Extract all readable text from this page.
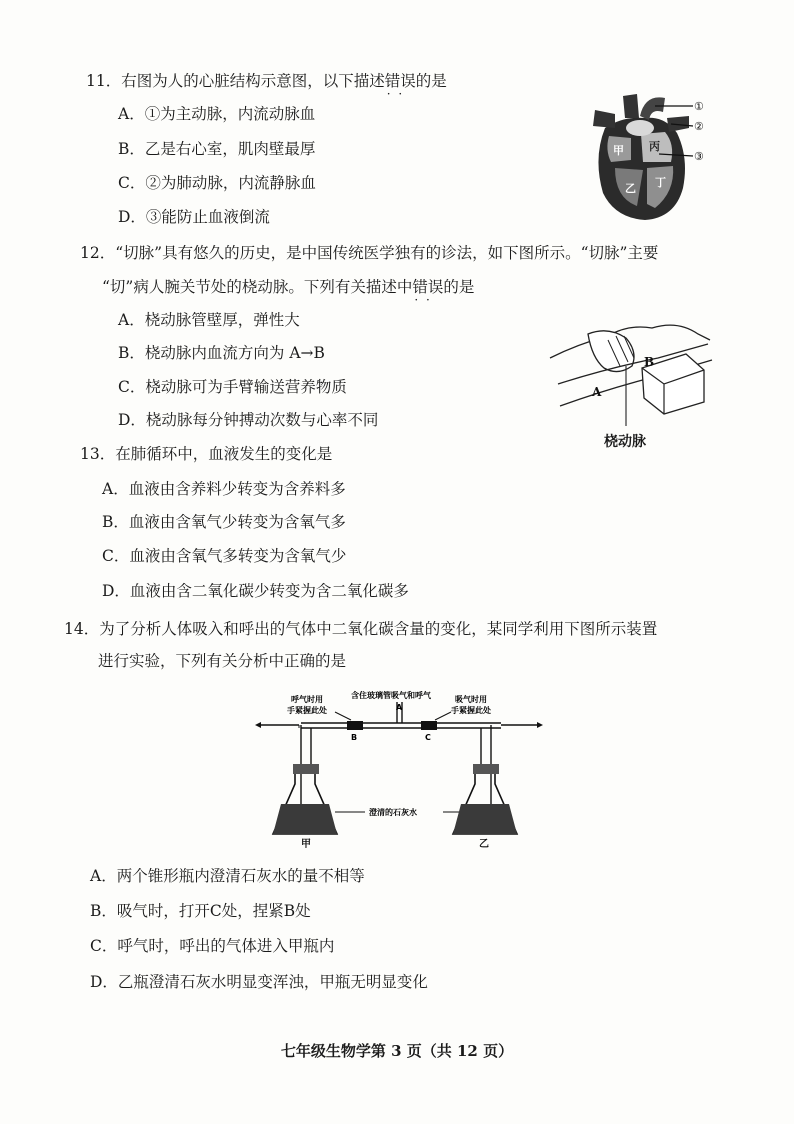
11．右图为人的心脏结构示意图，以下描述错误 · ·的是
A．①为主动脉，内流动脉血
B．乙是右心室，肌肉壁最厚
C．②为肺动脉，内流静脉血
D．③能防止血液倒流
甲 丙
乙 丁
①
②
③
12．“切脉”具有悠久的历史，是中国传统医学独有的诊法，如下图所示。“切脉”主要
“切”病人腕关节处的桡动脉。下列有关描述中错误 · ·的是
A．桡动脉管壁厚，弹性大
B．桡动脉内血流方向为 A→B
C．桡动脉可为手臂输送营养物质
D．桡动脉每分钟搏动次数与心率不同
A
B
桡动脉
13．在肺循环中，血液发生的变化是
A．血液由含养料少转变为含养料多
B．血液由含氧气少转变为含氧气多
C．血液由含氧气多转变为含氧气少
D．血液由含二氧化碳少转变为含二氧化碳多
14．为了分析人体吸入和呼出的气体中二氧化碳含量的变化，某同学利用下图所示装置
进行实验，下列有关分析中正确的是
含住玻璃管吸气和呼气
A
B	C
呼气时用
手紧握此处
吸气时用
手紧握此处
澄清的石灰水
甲	乙
A．两个锥形瓶内澄清石灰水的量不相等
B．吸气时，打开C处，捏紧B处
C．呼气时，呼出的气体进入甲瓶内
D．乙瓶澄清石灰水明显变浑浊，甲瓶无明显变化
七年级生物学第 3 页（共 12 页）
